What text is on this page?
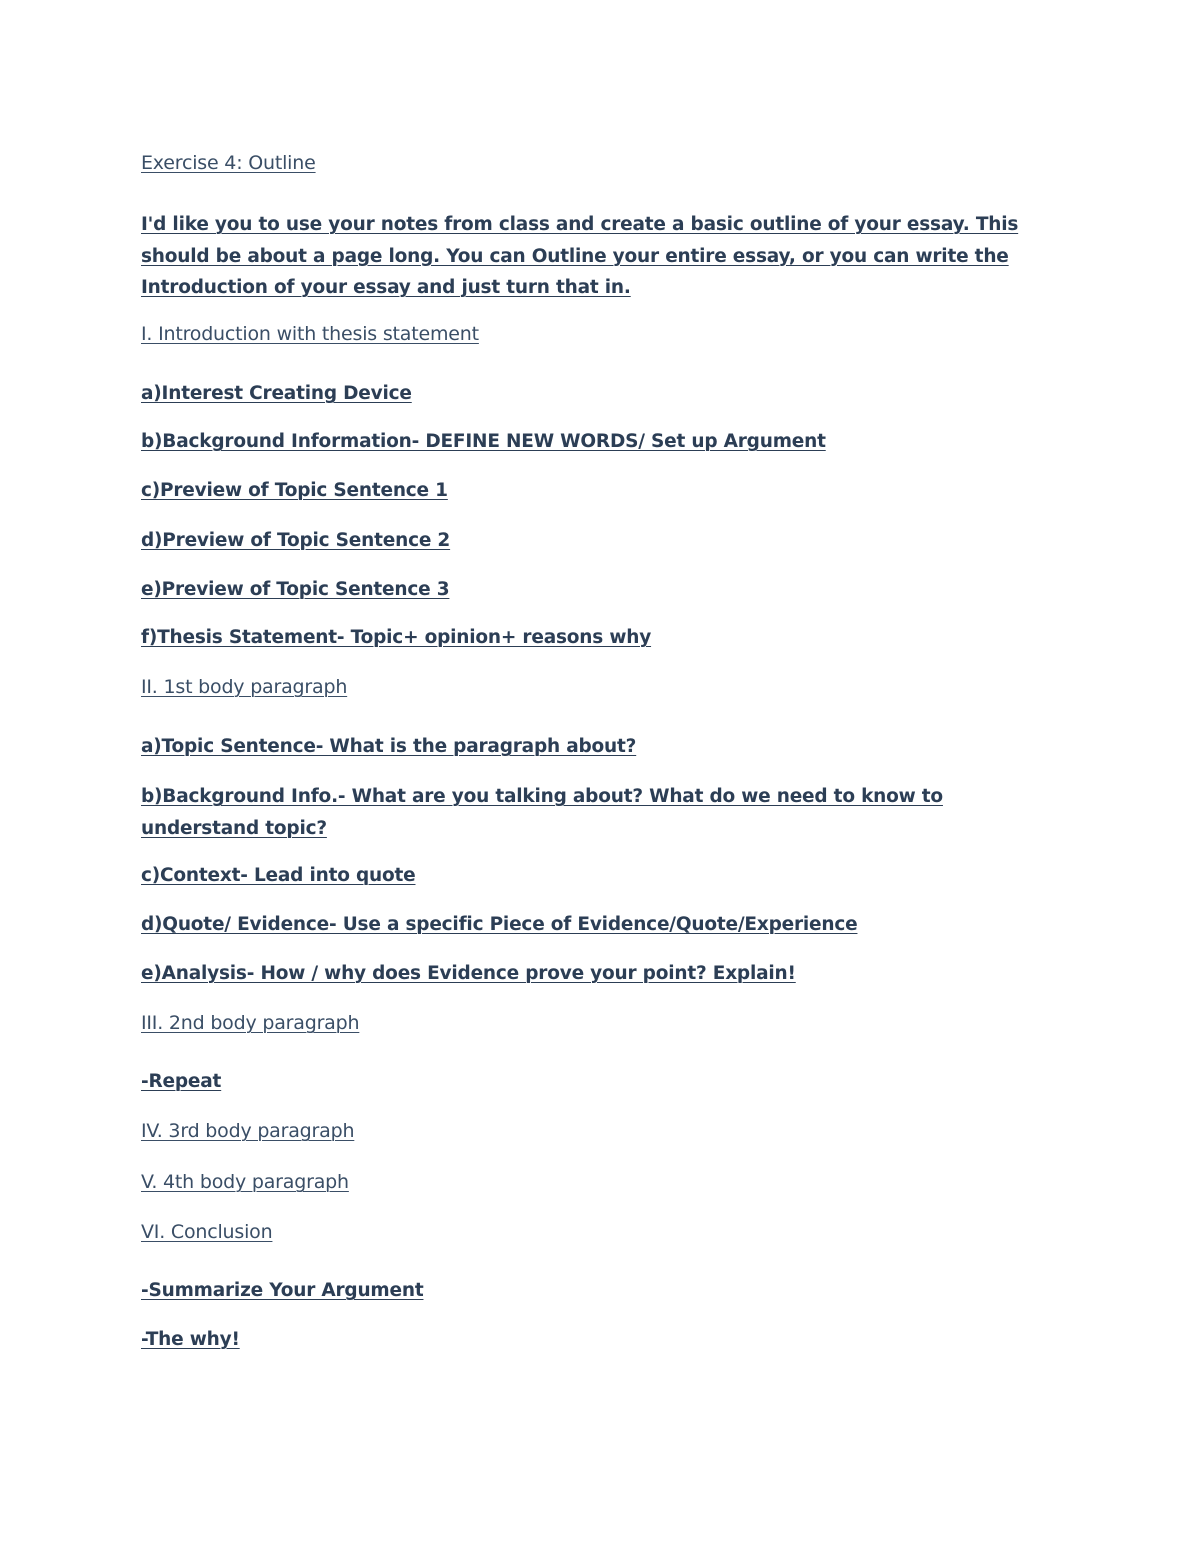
Exercise 4: Outline

I'd like you to use your notes from class and create a basic outline of your essay. This should be about a page long. You can Outline your entire essay, or you can write the Introduction of your essay and just turn that in.

I. Introduction with thesis statement

a)Interest Creating Device

b)Background Information- DEFINE NEW WORDS/ Set up Argument

c)Preview of Topic Sentence 1

d)Preview of Topic Sentence 2

e)Preview of Topic Sentence 3

f)Thesis Statement- Topic+ opinion+ reasons why

II. 1st body paragraph

a)Topic Sentence- What is the paragraph about?

b)Background Info.- What are you talking about? What do we need to know to understand topic?

c)Context- Lead into quote

d)Quote/ Evidence- Use a specific Piece of Evidence/Quote/Experience

e)Analysis- How / why does Evidence prove your point? Explain!

III. 2nd body paragraph

-Repeat

IV. 3rd body paragraph

V. 4th body paragraph

VI. Conclusion

-Summarize Your Argument

-The why!
